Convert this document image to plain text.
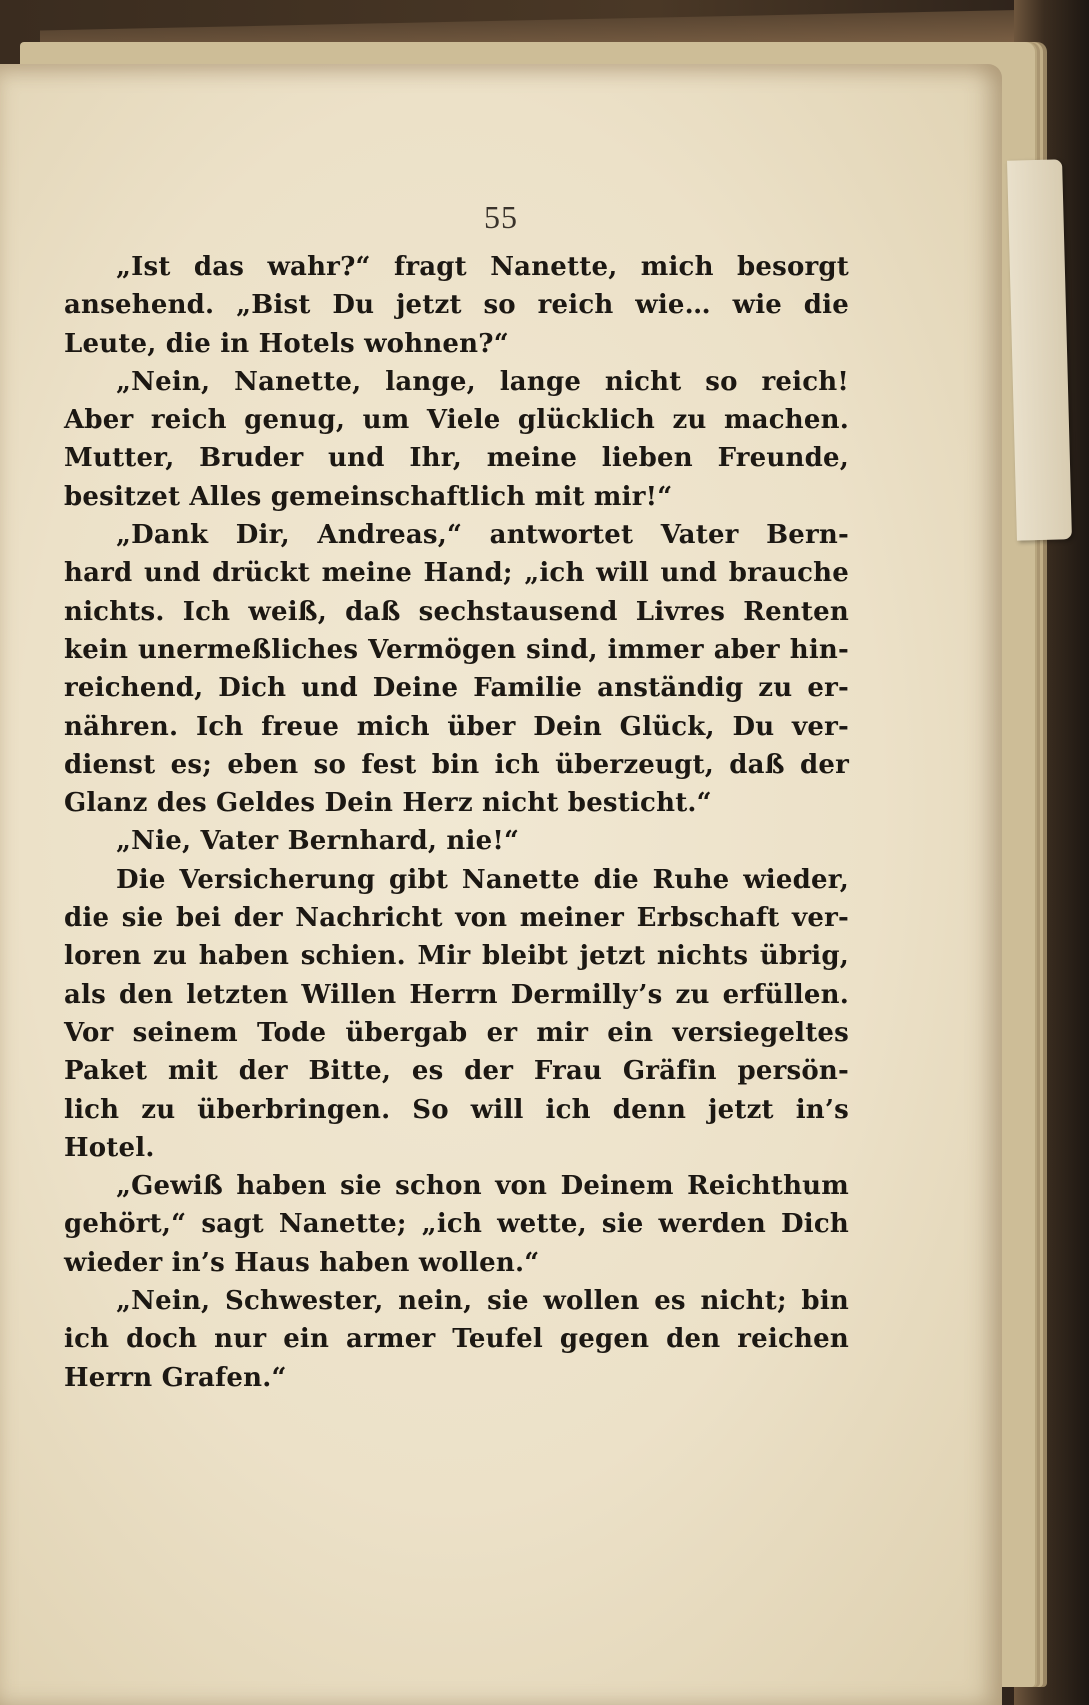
55
„Ist das wahr?“ fragt Nanette, mich besorgt
ansehend. „Bist Du jetzt so reich wie… wie die
Leute, die in Hotels wohnen?“
„Nein, Nanette, lange, lange nicht so reich!
Aber reich genug, um Viele glücklich zu machen.
Mutter, Bruder und Ihr, meine lieben Freunde,
besitzet Alles gemeinschaftlich mit mir!“
„Dank Dir, Andreas,“ antwortet Vater Bern-
hard und drückt meine Hand; „ich will und brauche
nichts. Ich weiß, daß sechstausend Livres Renten
kein unermeßliches Vermögen sind, immer aber hin-
reichend, Dich und Deine Familie anständig zu er-
nähren. Ich freue mich über Dein Glück, Du ver-
dienst es; eben so fest bin ich überzeugt, daß der
Glanz des Geldes Dein Herz nicht besticht.“
„Nie, Vater Bernhard, nie!“
Die Versicherung gibt Nanette die Ruhe wieder,
die sie bei der Nachricht von meiner Erbschaft ver-
loren zu haben schien. Mir bleibt jetzt nichts übrig,
als den letzten Willen Herrn Dermilly’s zu erfüllen.
Vor seinem Tode übergab er mir ein versiegeltes
Paket mit der Bitte, es der Frau Gräfin persön-
lich zu überbringen. So will ich denn jetzt in’s
Hotel.
„Gewiß haben sie schon von Deinem Reichthum
gehört,“ sagt Nanette; „ich wette, sie werden Dich
wieder in’s Haus haben wollen.“
„Nein, Schwester, nein, sie wollen es nicht; bin
ich doch nur ein armer Teufel gegen den reichen
Herrn Grafen.“
